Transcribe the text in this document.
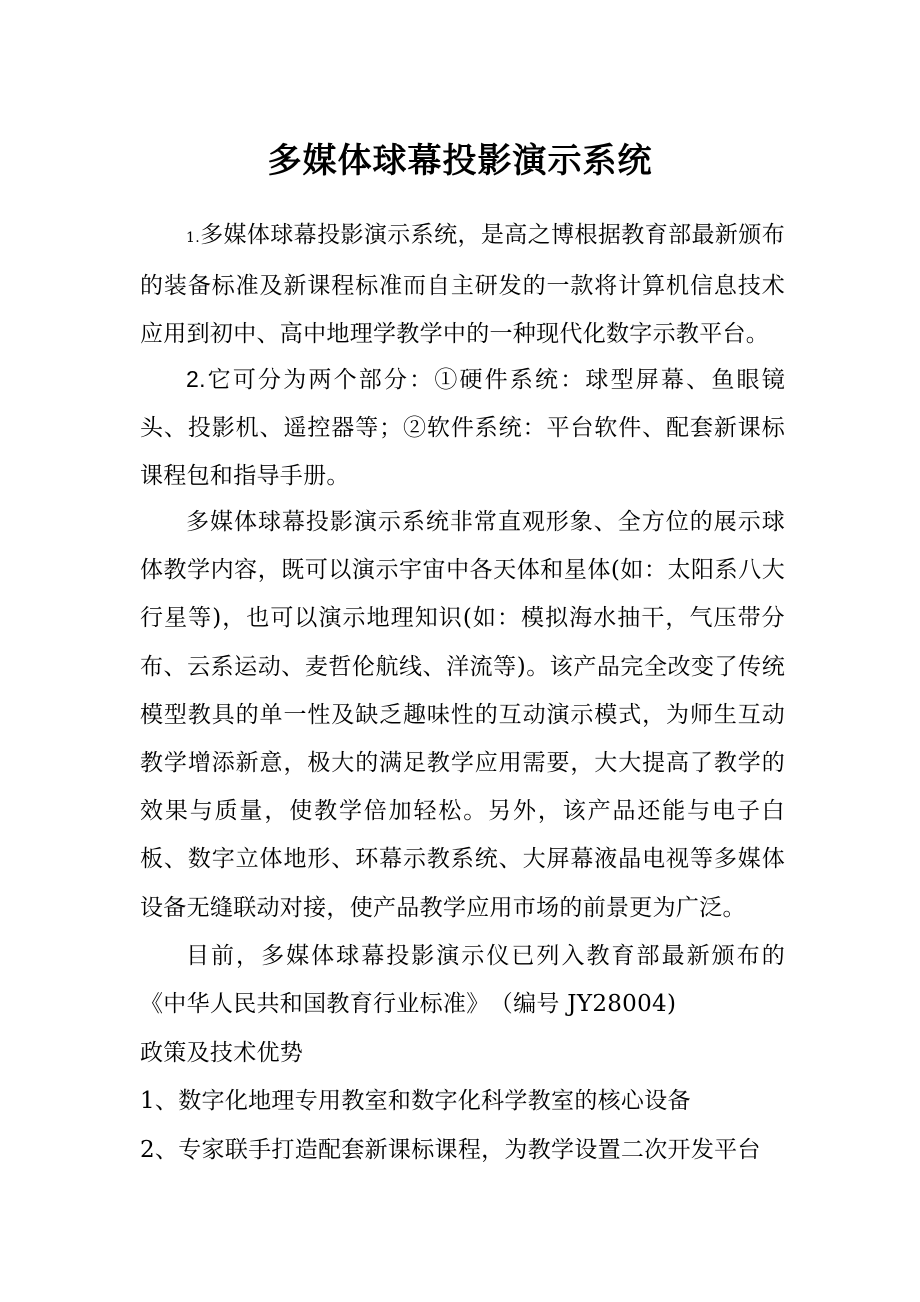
多媒体球幕投影演示系统

1.多媒体球幕投影演示系统，是高之博根据教育部最新颁布的装备标准及新课程标准而自主研发的一款将计算机信息技术应用到初中、高中地理学教学中的一种现代化数字示教平台。

2.它可分为两个部分：①硬件系统：球型屏幕、鱼眼镜头、投影机、遥控器等；②软件系统：平台软件、配套新课标课程包和指导手册。

多媒体球幕投影演示系统非常直观形象、全方位的展示球体教学内容，既可以演示宇宙中各天体和星体(如：太阳系八大行星等)，也可以演示地理知识(如：模拟海水抽干，气压带分布、云系运动、麦哲伦航线、洋流等)。该产品完全改变了传统模型教具的单一性及缺乏趣味性的互动演示模式，为师生互动教学增添新意，极大的满足教学应用需要，大大提高了教学的效果与质量，使教学倍加轻松。另外，该产品还能与电子白板、数字立体地形、环幕示教系统、大屏幕液晶电视等多媒体设备无缝联动对接，使产品教学应用市场的前景更为广泛。

目前，多媒体球幕投影演示仪已列入教育部最新颁布的《中华人民共和国教育行业标准》　（编号 JY28004)

政策及技术优势
1、数字化地理专用教室和数字化科学教室的核心设备
2、专家联手打造配套新课标课程，为教学设置二次开发平台
